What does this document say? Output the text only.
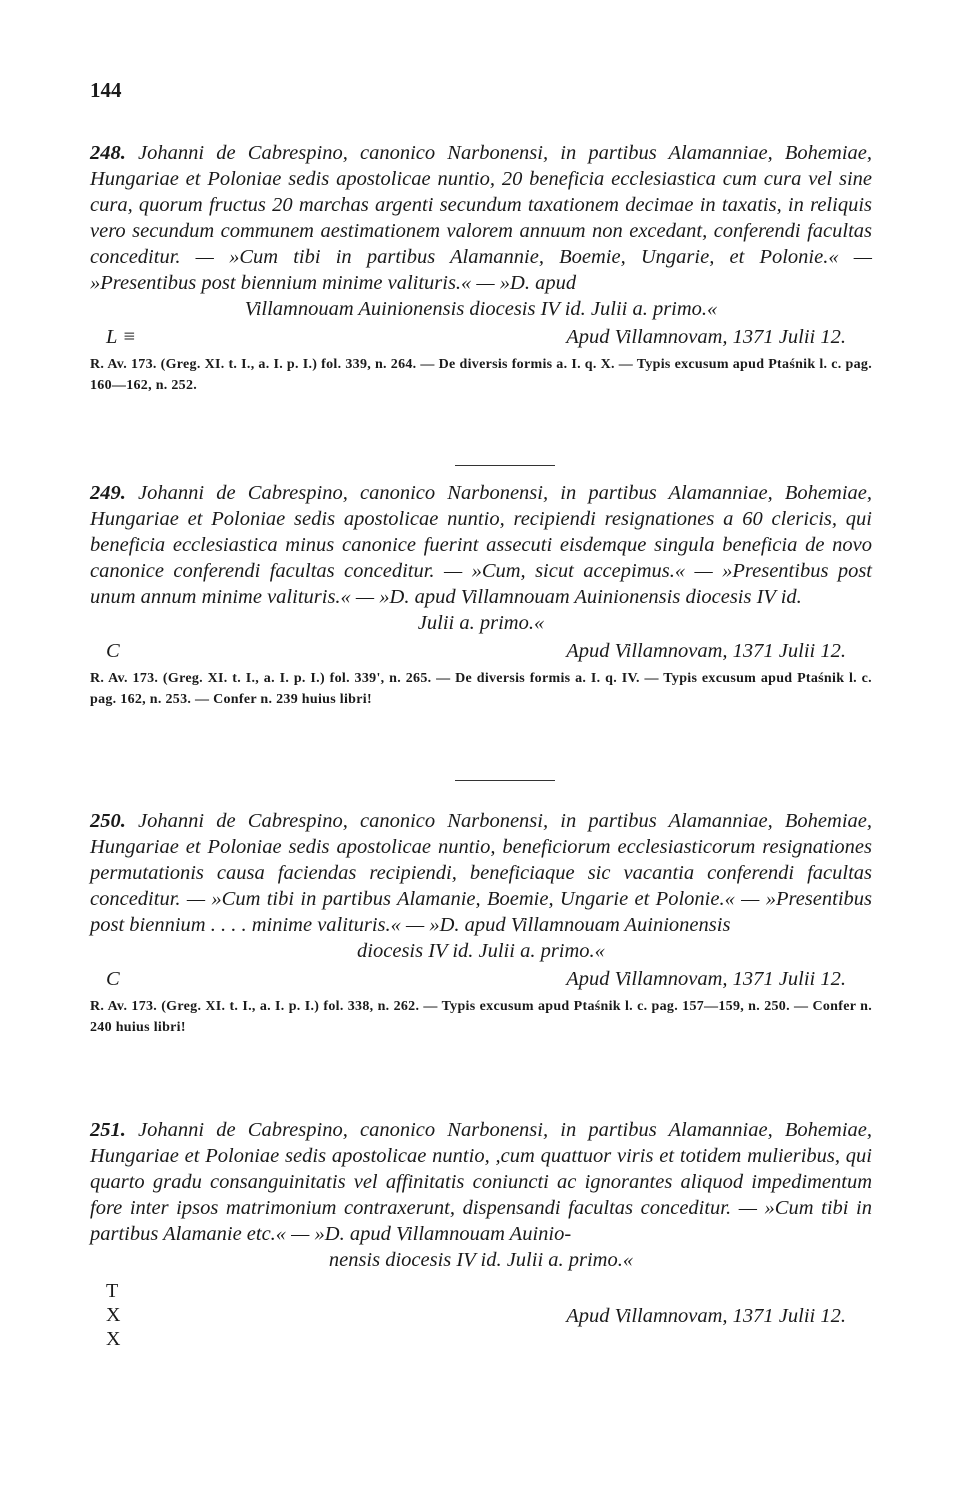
144

248. Johanni de Cabrespino, canonico Narbonensi, in partibus Alamanniae, Bohemiae, Hungariae et Poloniae sedis apostolicae nuntio, 20 beneficia ecclesiastica cum cura vel sine cura, quorum fructus 20 marchas argenti secundum taxationem decimae in taxatis, in reliquis vero secundum communem aestimationem valorem annuum non excedant, conferendi facultas conceditur. — »Cum tibi in partibus Alamannie, Boemie, Ungarie, et Polonie.« — »Presentibus post biennium minime valituris.« — »D. apud
Villamnouam Auinionensis diocesis IV id. Julii a. primo.«

L ≡	Apud Villamnovam, 1371 Julii 12.

R. Av. 173. (Greg. XI. t. I., a. I. p. I.) fol. 339, n. 264. — De diversis formis a. I. q. X. — Typis excusum apud Ptaśnik l. c. pag. 160—162, n. 252.

249. Johanni de Cabrespino, canonico Narbonensi, in partibus Alamanniae, Bohemiae, Hungariae et Poloniae sedis apostolicae nuntio, recipiendi resignationes a 60 clericis, qui beneficia ecclesiastica minus canonice fuerint assecuti eisdemque singula beneficia de novo canonice conferendi facultas conceditur. — »Cum, sicut accepimus.« — »Presentibus post unum annum minime valituris.« — »D. apud Villamnouam Auinionensis diocesis IV id.
Julii a. primo.«

C	Apud Villamnovam, 1371 Julii 12.

R. Av. 173. (Greg. XI. t. I., a. I. p. I.) fol. 339', n. 265. — De diversis formis a. I. q. IV. — Typis excusum apud Ptaśnik l. c. pag. 162, n. 253. — Confer n. 239 huius libri!

250. Johanni de Cabrespino, canonico Narbonensi, in partibus Alamanniae, Bohemiae, Hungariae et Poloniae sedis apostolicae nuntio, beneficiorum ecclesiasticorum resignationes permutationis causa faciendas recipiendi, beneficiaque sic vacantia conferendi facultas conceditur. — »Cum tibi in partibus Alamanie, Boemie, Ungarie et Polonie.« — »Presentibus post biennium . . . . minime valituris.« — »D. apud Villamnouam Auinionensis
diocesis IV id. Julii a. primo.«

C	Apud Villamnovam, 1371 Julii 12.

R. Av. 173. (Greg. XI. t. I., a. I. p. I.) fol. 338, n. 262. — Typis excusum apud Ptaśnik l. c. pag. 157—159, n. 250. — Confer n. 240 huius libri!

251. Johanni de Cabrespino, canonico Narbonensi, in partibus Alamanniae, Bohemiae, Hungariae et Poloniae sedis apostolicae nuntio, ,cum quattuor viris et totidem mulieribus, qui quarto gradu consanguinitatis vel affinitatis coniuncti ac ignorantes aliquod impedimentum fore inter ipsos matrimonium contraxerunt, dispensandi facultas conceditur. — »Cum tibi in partibus Alamanie etc.« — »D. apud Villamnouam Auinio-
nensis diocesis IV id. Julii a. primo.«

T
X
X
Apud Villamnovam, 1371 Julii 12.
